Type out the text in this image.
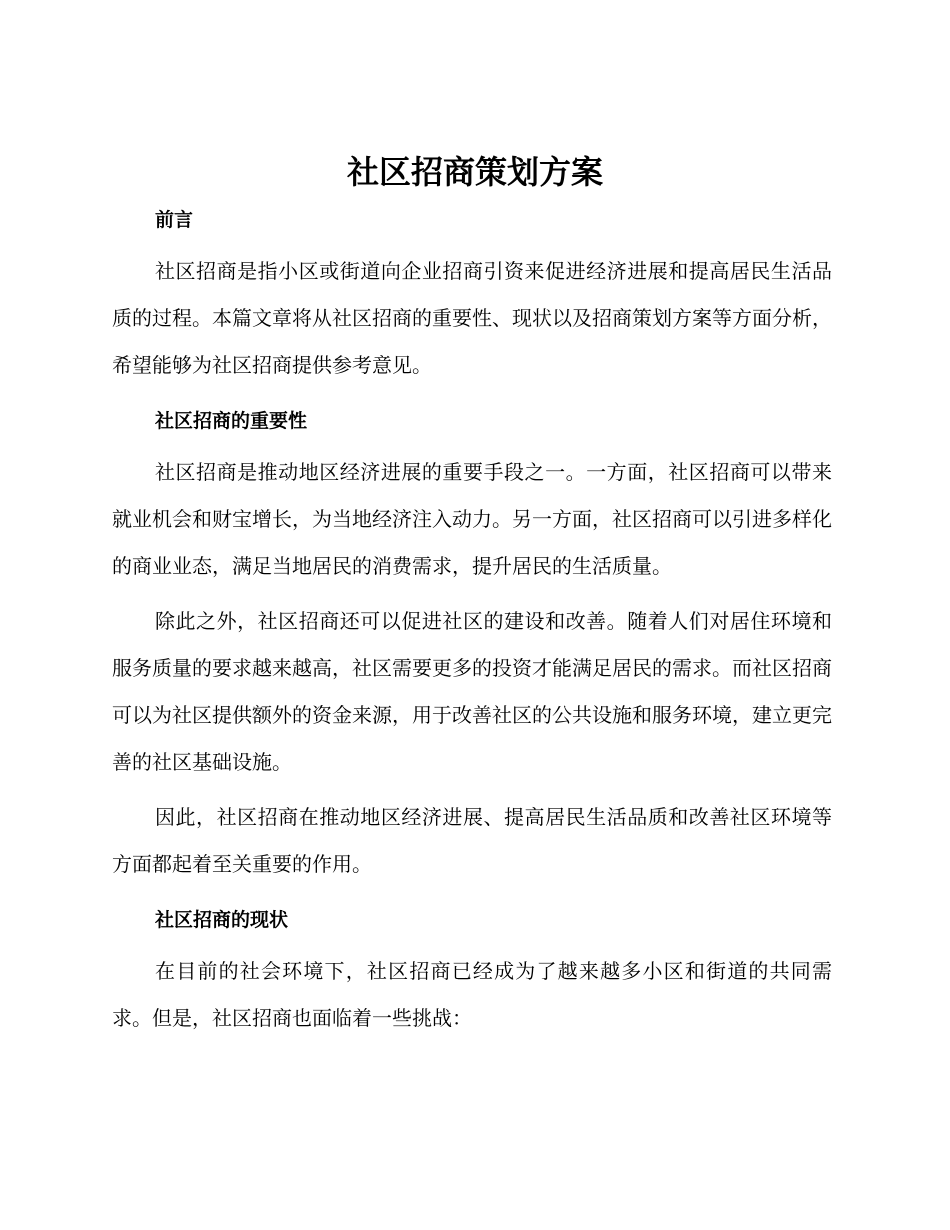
社区招商策划方案
前言

社区招商是指小区或街道向企业招商引资来促进经济进展和提高居民生活品质的过程。本篇文章将从社区招商的重要性、现状以及招商策划方案等方面分析，希望能够为社区招商提供参考意见。

社区招商的重要性

社区招商是推动地区经济进展的重要手段之一。一方面，社区招商可以带来就业机会和财宝增长，为当地经济注入动力。另一方面，社区招商可以引进多样化的商业业态，满足当地居民的消费需求，提升居民的生活质量。

除此之外，社区招商还可以促进社区的建设和改善。随着人们对居住环境和服务质量的要求越来越高，社区需要更多的投资才能满足居民的需求。而社区招商可以为社区提供额外的资金来源，用于改善社区的公共设施和服务环境，建立更完善的社区基础设施。

因此，社区招商在推动地区经济进展、提高居民生活品质和改善社区环境等方面都起着至关重要的作用。

社区招商的现状

在目前的社会环境下，社区招商已经成为了越来越多小区和街道的共同需求。但是，社区招商也面临着一些挑战：
